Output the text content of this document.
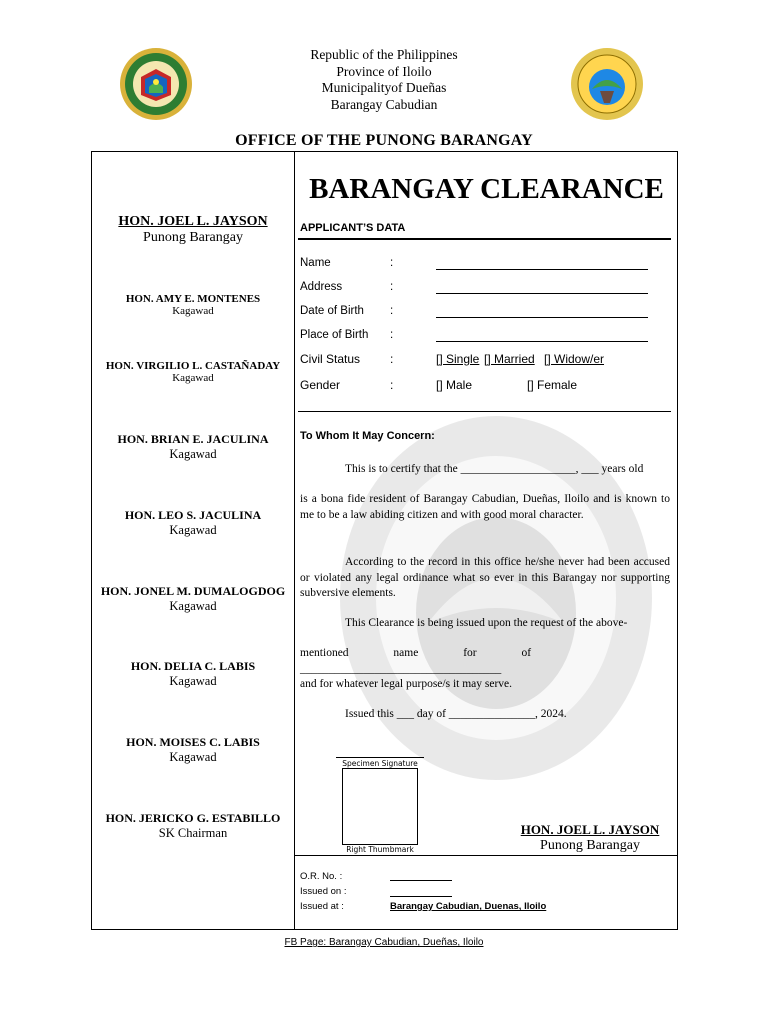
Republic of the Philippines
Province of Iloilo
Municipalityof Dueñas
Barangay Cabudian
OFFICE OF THE PUNONG BARANGAY
HON. JOEL L. JAYSON
Punong Barangay
HON. AMY E. MONTENES
Kagawad
HON. VIRGILIO L. CASTAÑADAY
Kagawad
HON. BRIAN E. JACULINA
Kagawad
HON. LEO S. JACULINA
Kagawad
HON. JONEL M. DUMALOGDOG
Kagawad
HON. DELIA C. LABIS
Kagawad
HON. MOISES C. LABIS
Kagawad
HON. JERICKO G. ESTABILLO
SK Chairman
BARANGAY CLEARANCE
APPLICANT’S DATA
Name	:
Address	:
Date of Birth :
Place of Birth :
Civil Status :	[] Single [] Married [] Widow/er
Gender	:	[] Male	[] Female
To Whom It May Concern:
This is to certify that the ____________________, ___ years old
is a bona fide resident of Barangay Cabudian, Dueñas, Iloilo and is known to me to be a law abiding citizen and with good moral character.
According to the record in this office he/she never had been accused or violated any legal ordinance what so ever in this Barangay nor supporting subversive elements.
This Clearance is being issued upon the request of the above-
mentioned name for of ___________________________________
and for whatever legal purpose/s it may serve.
Issued this ___ day of _______________, 2024.
Specimen Signature
Right Thumbmark
HON. JOEL L. JAYSON
Punong Barangay
O.R. No. :
Issued on :
Issued at :	Barangay Cabudian, Duenas, Iloilo
FB Page: Barangay Cabudian, Dueñas, Iloilo
